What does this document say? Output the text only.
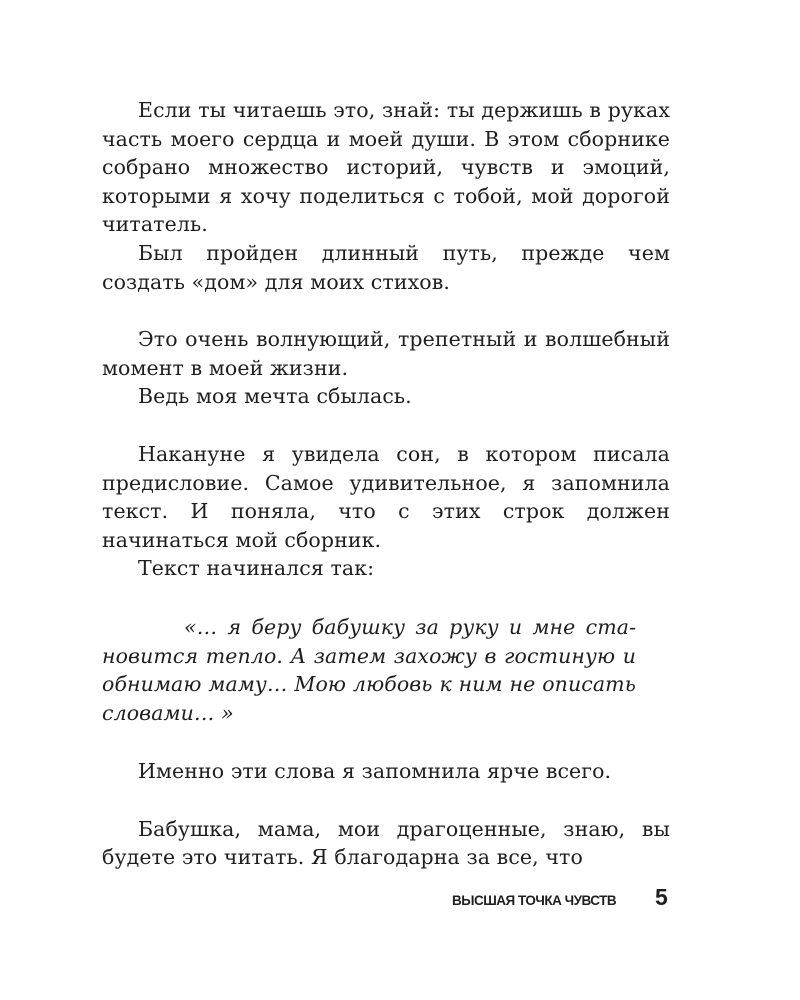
Если ты читаешь это, знай: ты держишь в руках часть моего сердца и моей души. В этом сборнике собрано множество историй, чувств и эмоций, которыми я хочу поделиться с тобой, мой дорогой читатель.

Был пройден длинный путь, прежде чем создать «дом» для моих стихов.

Это очень волнующий, трепетный и волшебный момент в моей жизни.

Ведь моя мечта сбылась.

Накануне я увидела сон, в котором писала предисловие. Самое удивительное, я запомнила текст. И поняла, что с этих строк должен начинаться мой сборник.

Текст начинался так:

«… я беру бабушку за руку и мне становится тепло. А затем захожу в гостиную и обнимаю маму… Мою любовь к ним не описать словами… »

Именно эти слова я запомнила ярче всего.

Бабушка, мама, мои драгоценные, знаю, вы будете это читать. Я благодарна за все, что

ВЫСШАЯ ТОЧКА ЧУВСТВ 5
